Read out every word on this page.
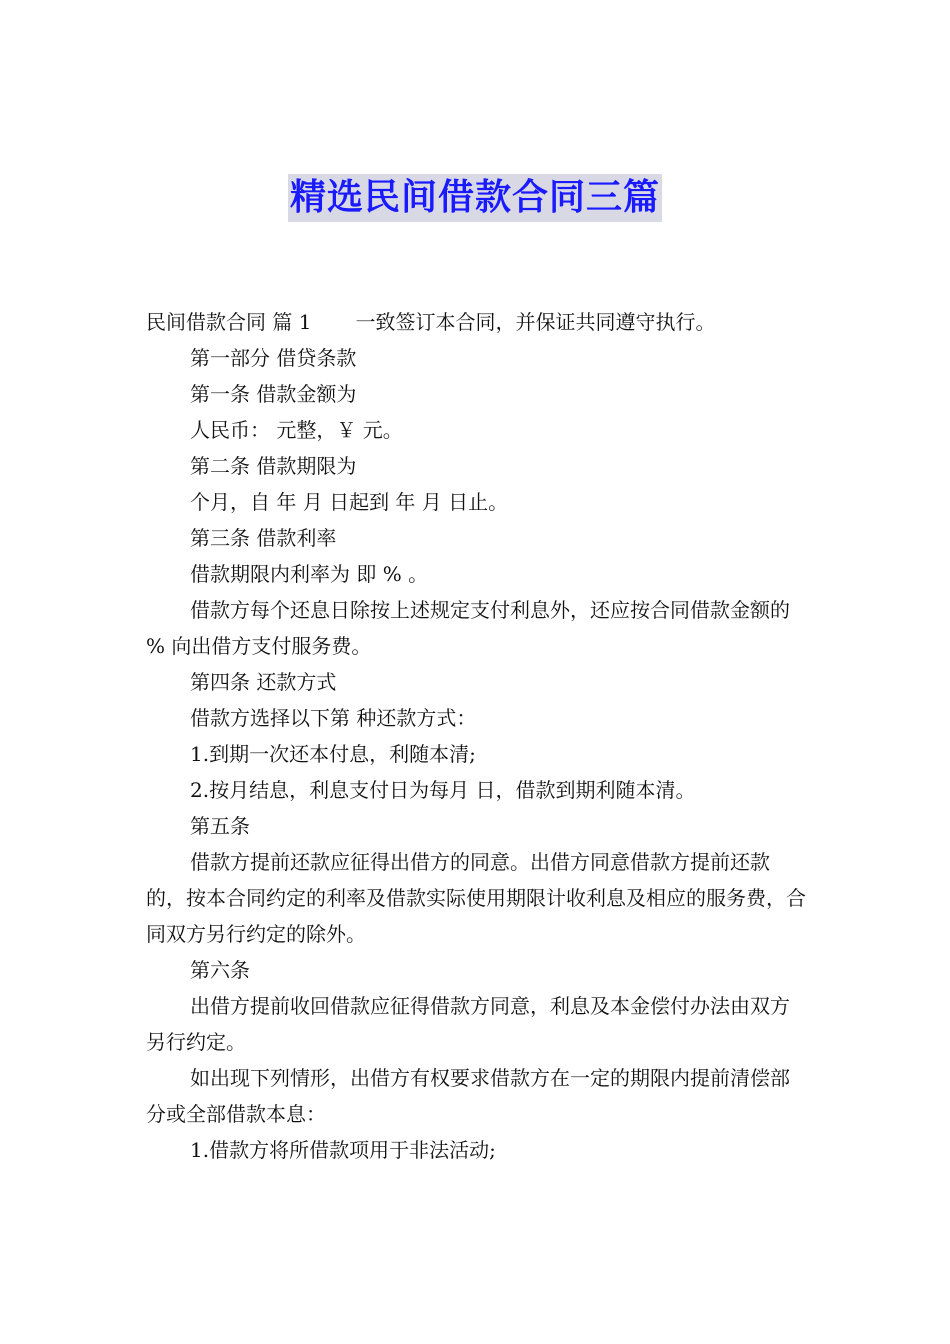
精选民间借款合同三篇

民间借款合同 篇 1 一致签订本合同，并保证共同遵守执行。

第一部分 借贷条款

第一条 借款金额为

人民币： 元整，￥ 元。

第二条 借款期限为

个月，自 年 月 日起到 年 月 日止。

第三条 借款利率

借款期限内利率为 即 % 。

借款方每个还息日除按上述规定支付利息外，还应按合同借款金额的 % 向出借方支付服务费。

第四条 还款方式

借款方选择以下第 种还款方式：

1.到期一次还本付息，利随本清;

2.按月结息，利息支付日为每月 日，借款到期利随本清。

第五条

借款方提前还款应征得出借方的同意。出借方同意借款方提前还款的，按本合同约定的利率及借款实际使用期限计收利息及相应的服务费，合同双方另行约定的除外。

第六条

出借方提前收回借款应征得借款方同意，利息及本金偿付办法由双方另行约定。

如出现下列情形，出借方有权要求借款方在一定的期限内提前清偿部分或全部借款本息：

1.借款方将所借款项用于非法活动;
